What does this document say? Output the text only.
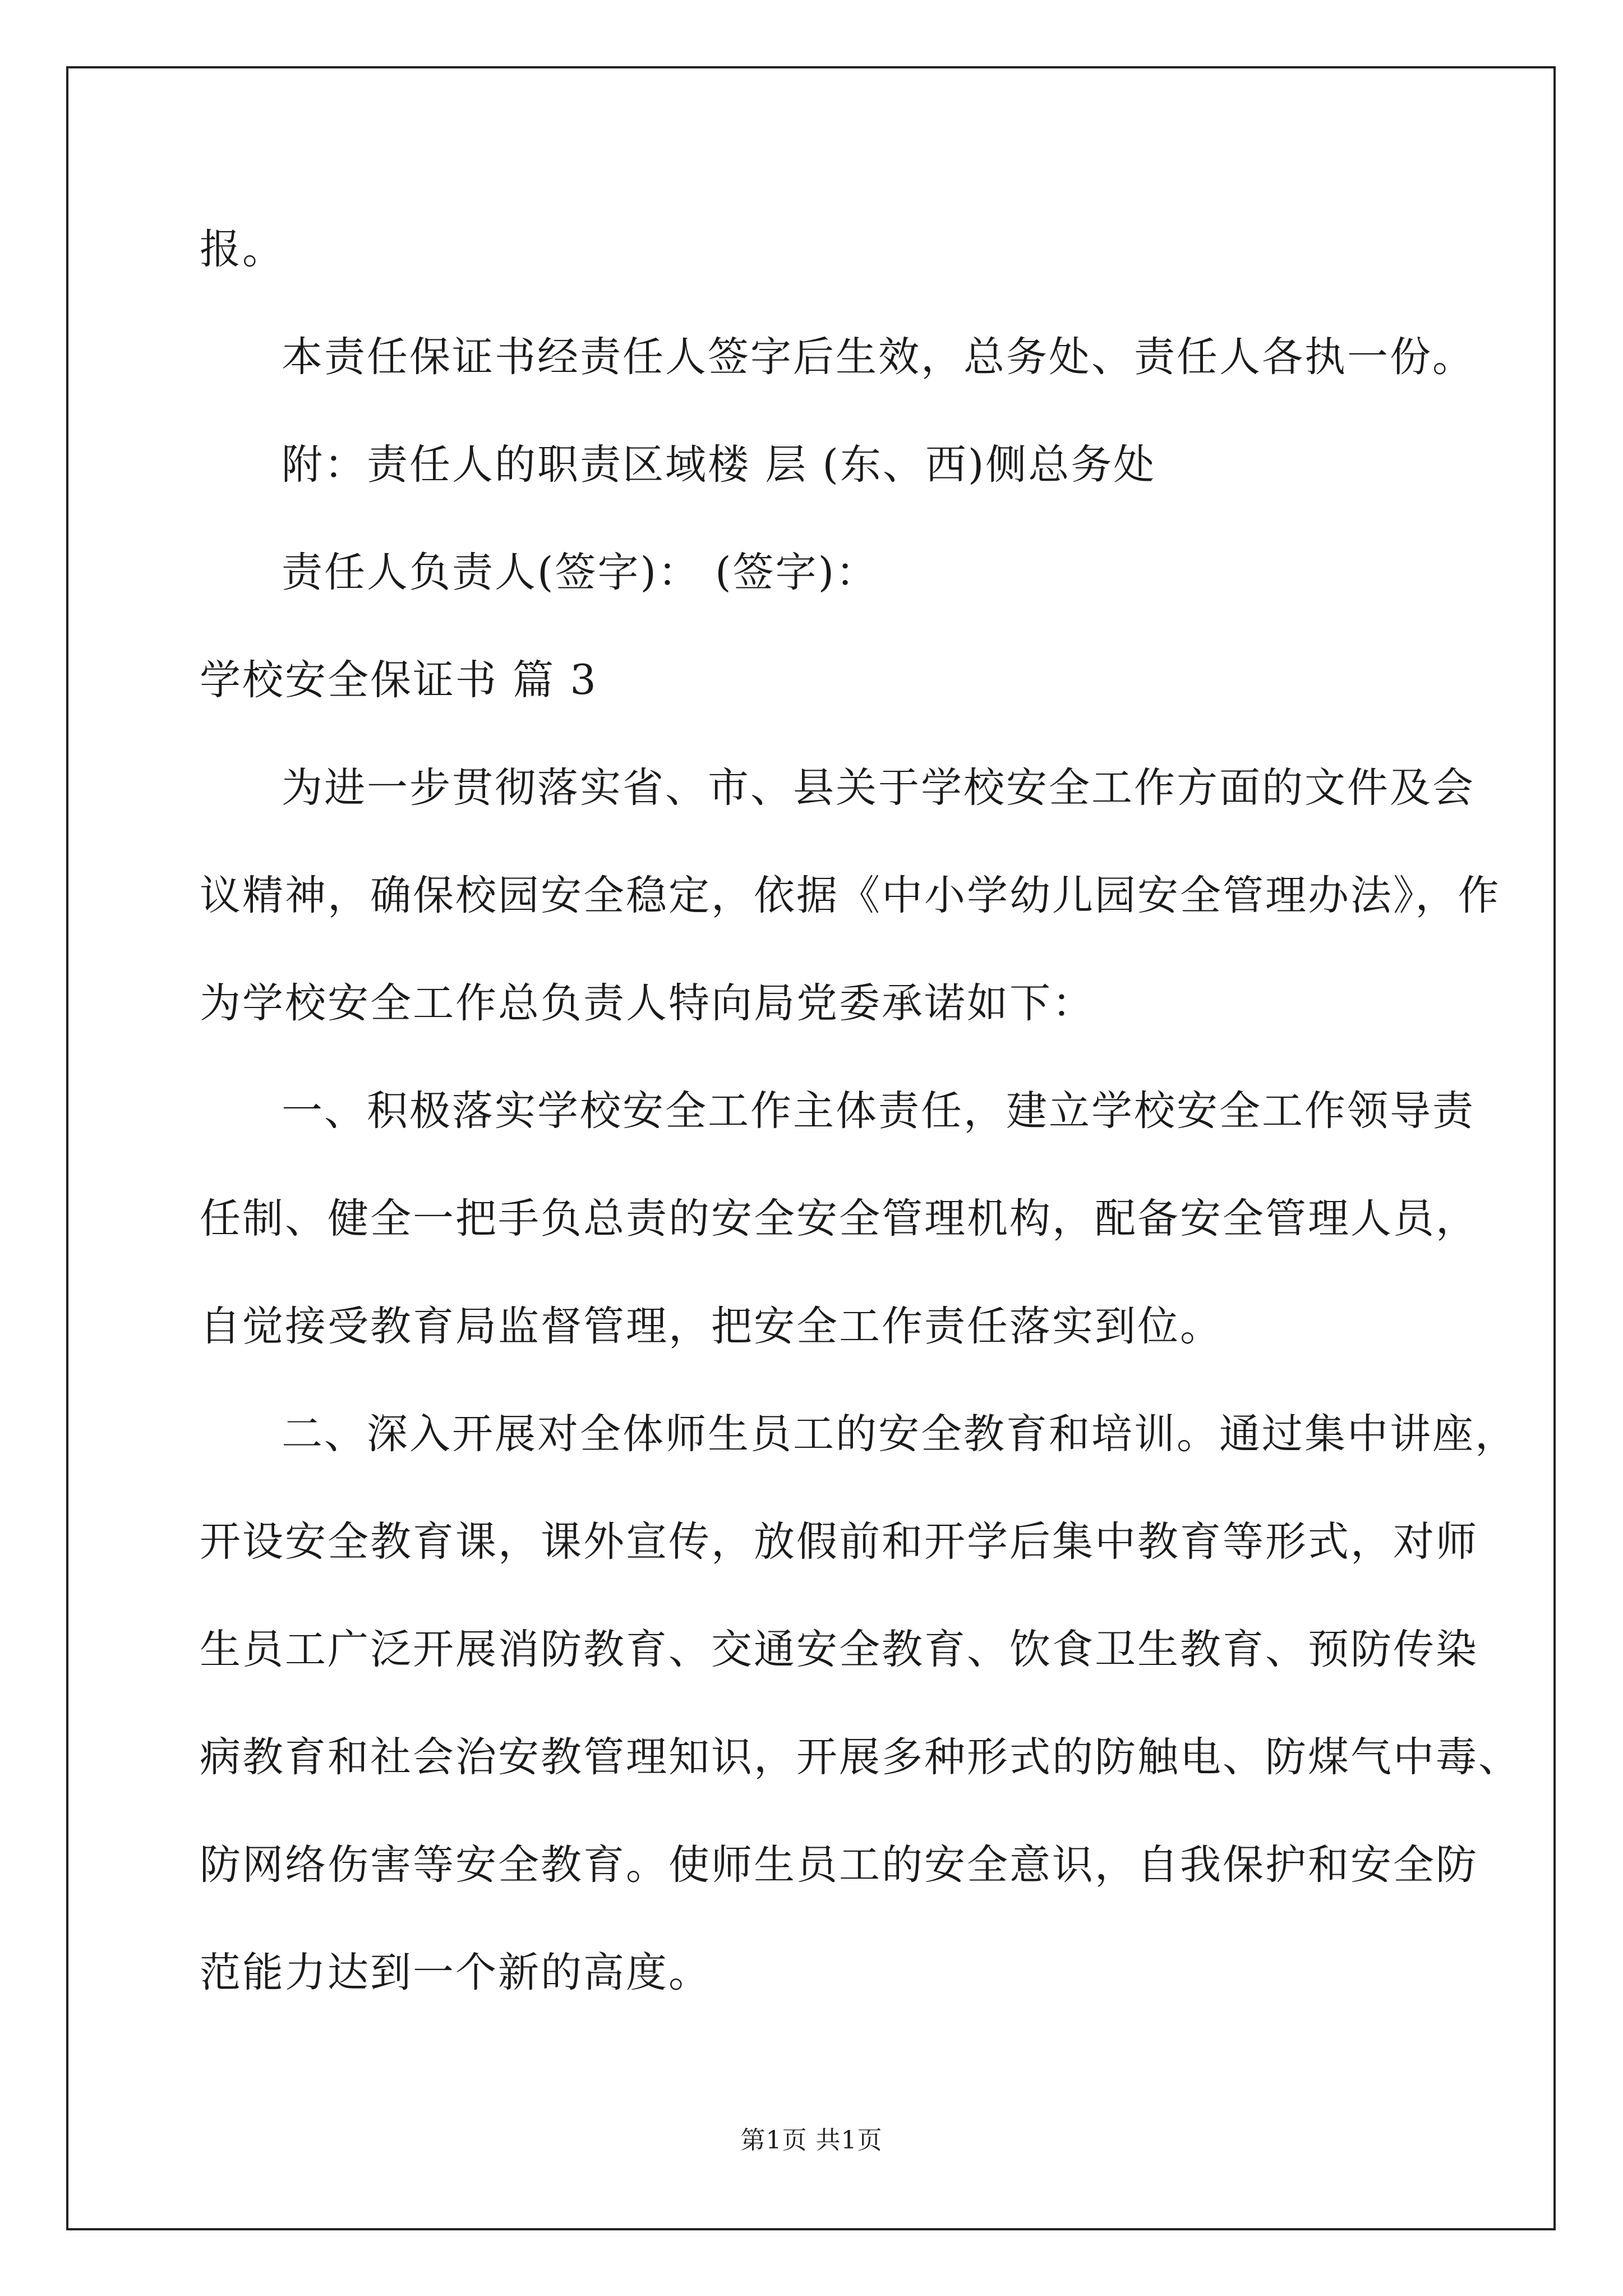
报。
本责任保证书经责任人签字后生效，总务处、责任人各执一份。
附：责任人的职责区域楼 层 (东、西)侧总务处
责任人负责人(签字)： (签字)：
学校安全保证书 篇 3
为进一步贯彻落实省、市、县关于学校安全工作方面的文件及会
议精神，确保校园安全稳定，依据《中小学幼儿园安全管理办法》，作
为学校安全工作总负责人特向局党委承诺如下：
一、积极落实学校安全工作主体责任，建立学校安全工作领导责
任制、健全一把手负总责的安全安全管理机构，配备安全管理人员，
自觉接受教育局监督管理，把安全工作责任落实到位。
二、深入开展对全体师生员工的安全教育和培训。通过集中讲座，
开设安全教育课，课外宣传，放假前和开学后集中教育等形式，对师
生员工广泛开展消防教育、交通安全教育、饮食卫生教育、预防传染
病教育和社会治安教管理知识，开展多种形式的防触电、防煤气中毒、
防网络伤害等安全教育。使师生员工的安全意识，自我保护和安全防
范能力达到一个新的高度。
第1页 共1页
